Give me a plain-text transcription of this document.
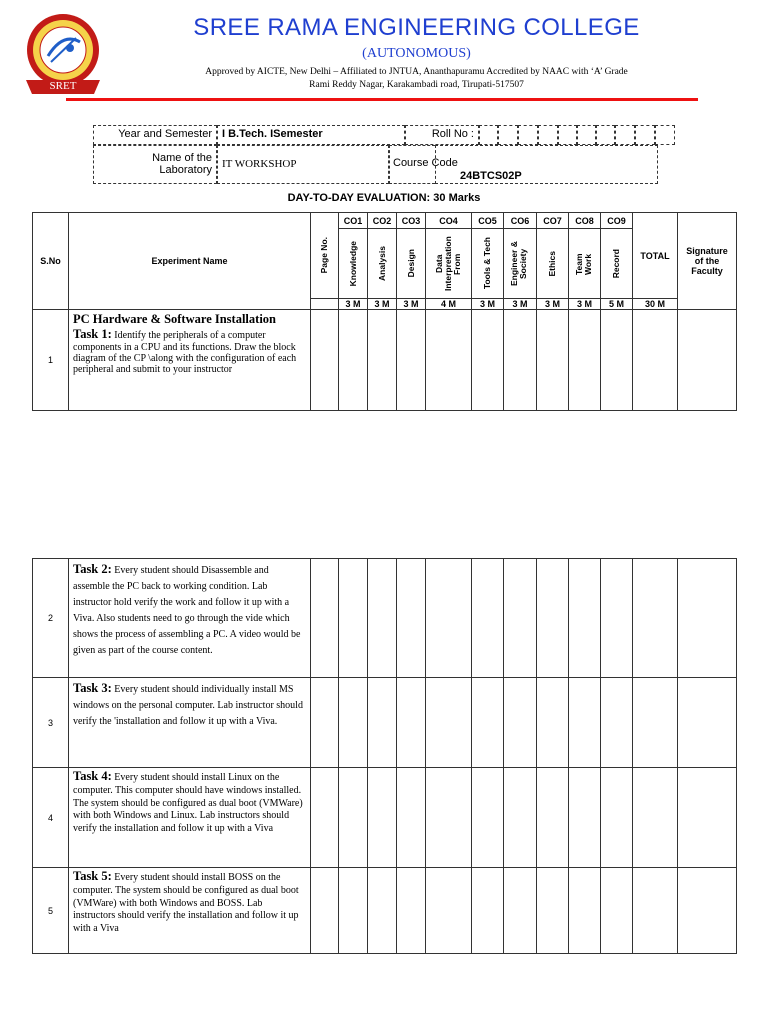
SRET
SREE RAMA ENGINEERING COLLEGE
(AUTONOMOUS)
Approved by AICTE, New Delhi – Affiliated to JNTUA, Ananthapuramu Accredited by NAAC with ‘A’ Grade
Rami Reddy Nagar, Karakambadi road, Tirupati-517507
Year and Semester I B.Tech. ISemester	Roll No :
Name of the
Laboratory IT WORKSHOP	Course Code
24BTCS02P
DAY-TO-DAY EVALUATION: 30 Marks
S.No	Experiment Name	Page No.	CO1	CO2	CO3	CO4	CO5	CO6	CO7	CO8	CO9	TOTAL	Signature of the Faculty

			Knowledge	Analysis	Design	Data Interpretation From	Tools & Tech	Engineer & Society	Ethics	Team Work	Record		

			3 M	3 M	3 M	4 M	3 M	3 M	3 M	3 M	5 M	30 M	
1	PC Hardware & Software Installation
Task 1: Identify the peripherals of a computer components in a CPU and its functions. Draw the block diagram of the CP \along with the configuration of each peripheral and submit to your instructor												
2	Task 2: Every student should Disassemble and assemble the PC back to working condition. Lab instructor hold verify the work and follow it up with a Viva. Also students need to go through the vide which shows the process of assembling a PC. A video would be given as part of the course content.												
3	Task 3: Every student should individually install MS windows on the personal computer. Lab instructor should verify the 'installation and follow it up with a Viva.												
4	Task 4: Every student should install Linux on the computer. This computer should have windows installed. The system should be configured as dual boot (VMWare) with both Windows and Linux. Lab instructors should verify the installation and follow it up with a Viva												
5	Task 5: Every student should install BOSS on the computer. The system should be configured as dual boot (VMWare) with both Windows and BOSS. Lab instructors should verify the installation and follow it up with a Viva												
